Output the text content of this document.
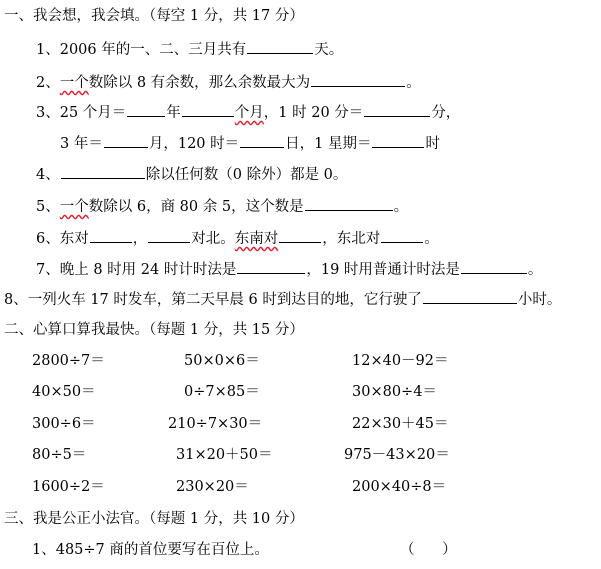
一、我会想，我会填。（每空 1 分，共 17 分）
1、2006 年的一、二、三月共有	天。
2、一个数除以 8 有余数，那么余数最大为	。
3、25 个月＝	年	个月，1 时 20 分＝	分，
3 年＝	月，120 时＝	日，1 星期＝	时
4、	除以任何数（0 除外）都是 0。
5、一个数除以 6，商 80 余 5，这个数是	。
6、东对	，	对北。东南对	，东北对	。
7、晚上 8 时用 24 时计时法是	，19 时用普通计时法是	。
8、一列火车 17 时发车，第二天早晨 6 时到达目的地，它行驶了	小时。
二、心算口算我最快。（每题 1 分，共 15 分）
2800÷7＝	50×0×6＝	12×40－92＝
40×50＝	0÷7×85＝	30×80÷4＝
300÷6＝	210÷7×30＝	22×30＋45＝
80÷5＝	31×20＋50＝	975－43×20＝
1600÷2＝	230×20＝	200×40÷8＝
三、我是公正小法官。（每题 1 分，共 10 分）
1、485÷7 商的首位要写在百位上。	（      ）
